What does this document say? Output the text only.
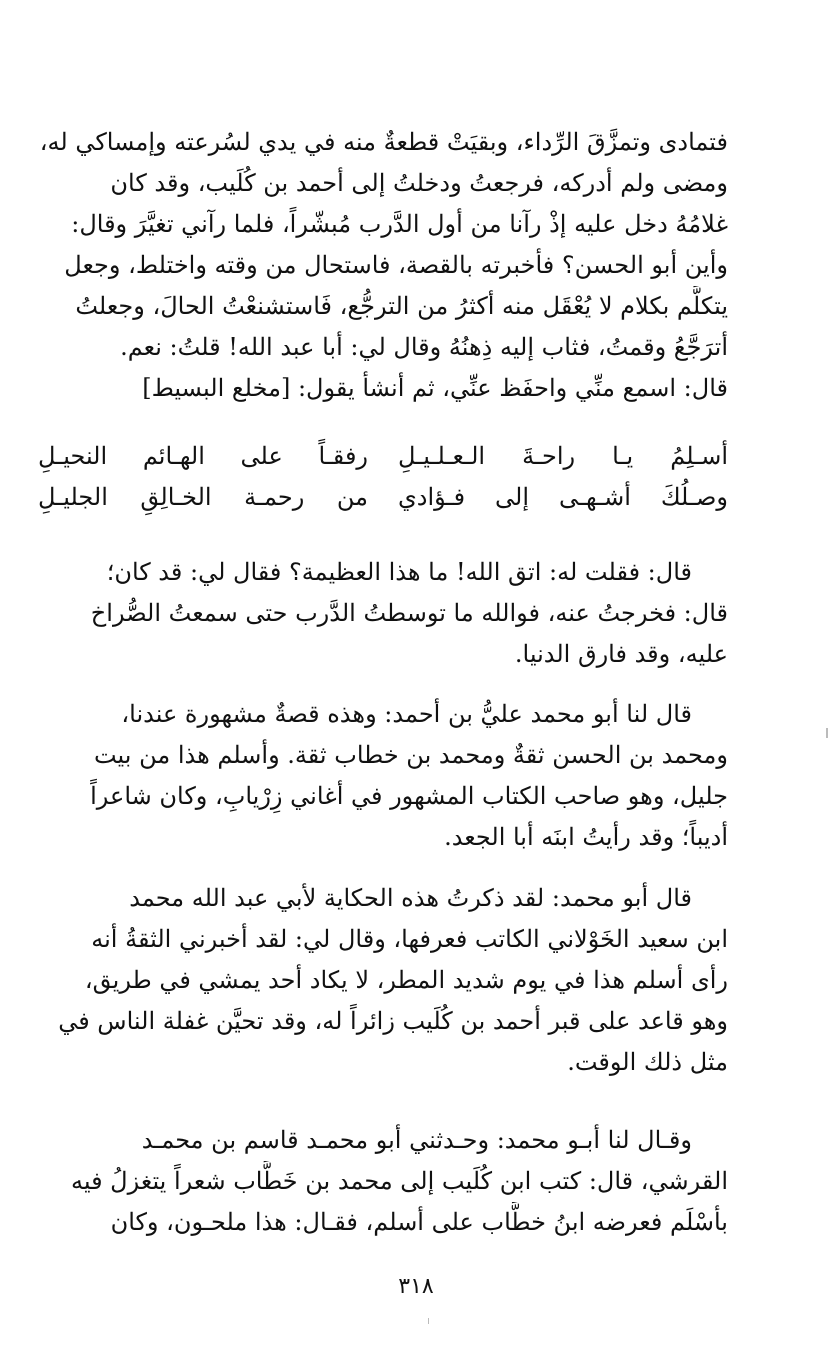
فتمادى وتمزَّقَ الرِّداء، وبقيَتْ قطعةٌ منه في يدي لسُرعته وإمساكي له،
ومضى ولم أدركه، فرجعتُ ودخلتُ إلى أحمد بن كُلَيب، وقد كان
غلامُهُ دخل عليه إذْ رآنا من أول الدَّرب مُبشّراً، فلما رآني تغيَّرَ وقال:
وأين أبو الحسن؟ فأخبرته بالقصة، فاستحال من وقته واختلط، وجعل
يتكلَّم بكلام لا يُعْقَل منه أكثرُ من الترجُّع، فَاستشنعْتُ الحالَ، وجعلتُ
أترَجَّعُ وقمتُ، فثاب إليه ذِهنُهُ وقال لي: أبا عبد الله! قلتُ: نعم.
قال: اسمع منِّي واحفَظ عنِّي، ثم أنشأ يقول: [مخلع البسيط]
أسـلِمُ يـا راحـةَ الـعـلـيـلِ
رفقـاً على الهـائم النحيـلِ
وصـلُكَ أشـهـى إلى فـؤادي
من رحمـة الخـالِقِ الجليـلِ
قال: فقلت له: اتق الله! ما هذا العظيمة؟ فقال لي: قد كان؛
قال: فخرجتُ عنه، فوالله ما توسطتُ الدَّرب حتى سمعتُ الصُّراخ
عليه، وقد فارق الدنيا.
قال لنا أبو محمد عليُّ بن أحمد: وهذه قصةٌ مشهورة عندنا،
ومحمد بن الحسن ثقةٌ ومحمد بن خطاب ثقة. وأسلم هذا من بيت
جليل، وهو صاحب الكتاب المشهور في أغاني زِرْيابِ، وكان شاعراً
أديباً؛ وقد رأيتُ ابنَه أبا الجعد.
قال أبو محمد: لقد ذكرتُ هذه الحكاية لأبي عبد الله محمد
ابن سعيد الخَوْلاني الكاتب فعرفها، وقال لي: لقد أخبرني الثقةُ أنه
رأى أسلم هذا في يوم شديد المطر، لا يكاد أحد يمشي في طريق،
وهو قاعد على قبر أحمد بن كُلَيب زائراً له، وقد تحيَّن غفلة الناس في
مثل ذلك الوقت.
وقـال لنا أبـو محمد: وحـدثني أبو محمـد قاسم بن محمـد
القرشي، قال: كتب ابن كُلَيب إلى محمد بن خَطَّاب شعراً يتغزلُ فيه
بأسْلَم فعرضه ابنُ خطَّاب على أسلم، فقـال: هذا ملحـون، وكان
٣١٨
